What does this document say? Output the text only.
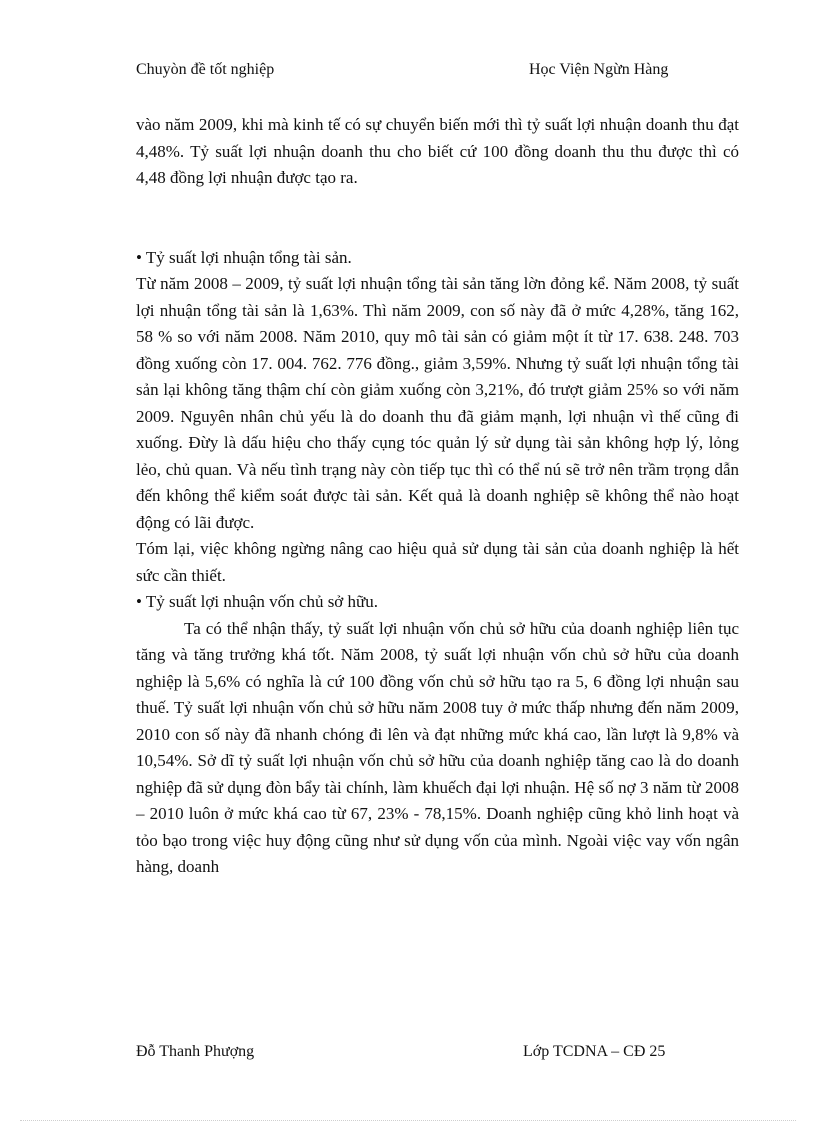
Chuyòn đề tốt nghiệp	Học Viện Ngừn Hàng

vào năm 2009, khi mà kinh tế có sự chuyển biến mới thì tỷ suất lợi nhuận doanh thu đạt 4,48%. Tỷ suất lợi nhuận doanh thu cho biết cứ 100 đồng doanh thu thu được thì có 4,48 đồng lợi nhuận được tạo ra.

• Tỷ suất lợi nhuận tổng tài sản.

Từ năm 2008 – 2009, tỷ suất lợi nhuận tổng tài sản tăng lờn đỏng kể. Năm 2008, tỷ suất lợi nhuận tổng tài sản là 1,63%. Thì năm 2009, con số này đã ở mức 4,28%, tăng 162, 58 % so với năm 2008. Năm 2010, quy mô tài sản có giảm một ít từ 17. 638. 248. 703 đồng xuống còn 17. 004. 762. 776 đồng., giảm 3,59%. Nhưng tỷ suất lợi nhuận tổng tài sản lại không tăng thậm chí còn giảm xuống còn 3,21%, đó trượt giảm 25% so với năm 2009. Nguyên nhân chủ yếu là do doanh thu đã giảm mạnh, lợi nhuận vì thế cũng đi xuống. Đừy là dấu hiệu cho thấy cụng tóc quản lý sử dụng tài sản không hợp lý, lỏng lẻo, chủ quan. Và nếu tình trạng này còn tiếp tục thì có thể nú sẽ trở nên trầm trọng dẫn đến không thể kiểm soát được tài sản. Kết quả là doanh nghiệp sẽ không thể nào hoạt động có lãi được.

Tóm lại, việc không ngừng nâng cao hiệu quả sử dụng tài sản của doanh nghiệp là hết sức cần thiết.

• Tỷ suất lợi nhuận vốn chủ sở hữu.

Ta có thể nhận thấy, tỷ suất lợi nhuận vốn chủ sở hữu của doanh nghiệp liên tục tăng và tăng trưởng khá tốt. Năm 2008, tỷ suất lợi nhuận vốn chủ sở hữu của doanh nghiệp là 5,6% có nghĩa là cứ 100 đồng vốn chủ sở hữu tạo ra 5, 6 đồng lợi nhuận sau thuế. Tỷ suất lợi nhuận vốn chủ sở hữu năm 2008 tuy ở mức thấp nhưng đến năm 2009, 2010 con số này đã nhanh chóng đi lên và đạt những mức khá cao, lần lượt là 9,8% và 10,54%. Sở dĩ tỷ suất lợi nhuận vốn chủ sở hữu của doanh nghiệp tăng cao là do doanh nghiệp đã sử dụng đòn bẩy tài chính, làm khuếch đại lợi nhuận. Hệ số nợ 3 năm từ 2008 – 2010 luôn ở mức khá cao từ 67, 23% - 78,15%. Doanh nghiệp cũng khỏ linh hoạt và tỏo bạo trong việc huy động cũng như sử dụng vốn của mình. Ngoài việc vay vốn ngân hàng, doanh

Đỗ Thanh Phượng	Lớp TCDNA – CĐ 25
